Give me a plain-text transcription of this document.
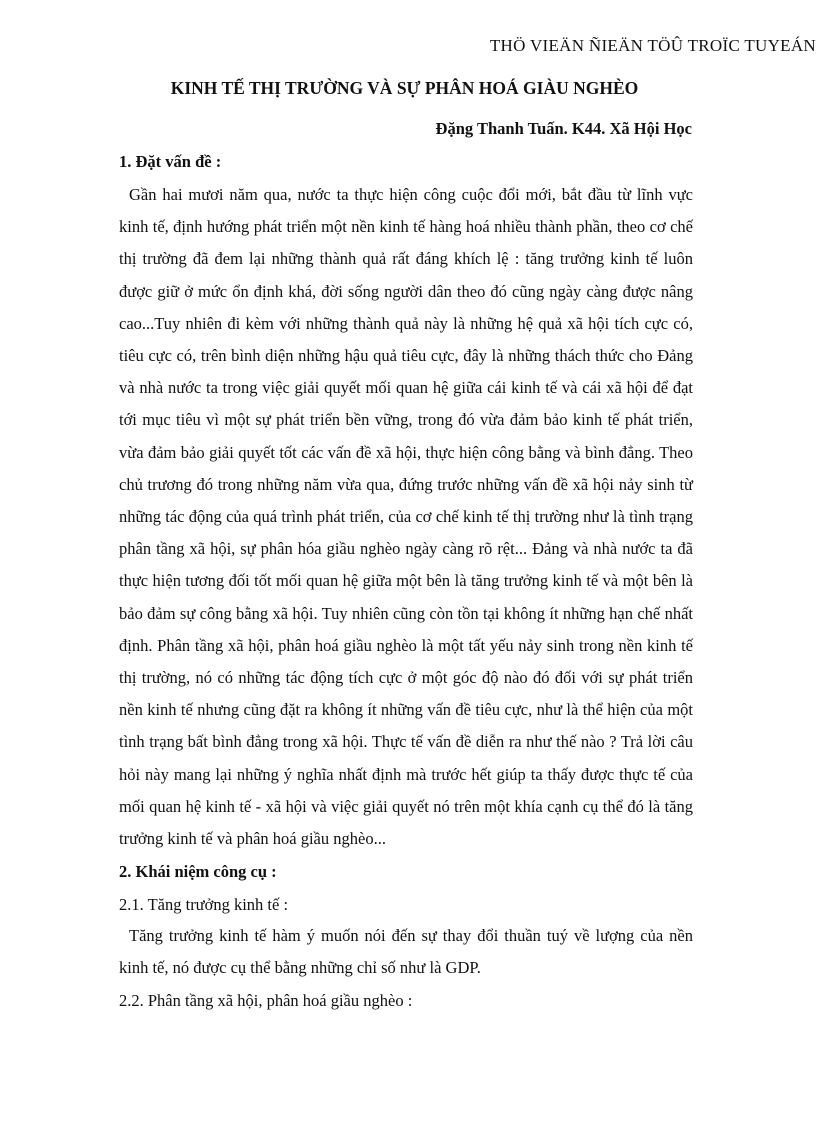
THÖ VIEÄN ÑIEÄN TÖÛ TROÏC TUYEÁN
KINH TẾ THỊ TRƯỜNG VÀ SỰ PHÂN HOÁ GIÀU NGHÈO
Đặng Thanh Tuấn. K44. Xã Hội Học

1. Đặt vấn đề :

Gần hai mươi năm qua, nước ta thực hiện công cuộc đổi mới, bắt đầu từ lĩnh vực kinh tế, định hướng phát triển một nền kinh tế hàng hoá nhiều thành phần, theo cơ chế thị trường đã đem lại những thành quả rất đáng khích lệ : tăng trưởng kinh tế luôn được giữ ở mức ổn định khá, đời sống người dân theo đó cũng ngày càng được nâng cao...Tuy nhiên đi kèm với những thành quả này là những hệ quả xã hội tích cực có, tiêu cực có, trên bình diện những hậu quả tiêu cực, đây là những thách thức cho Đảng và nhà nước ta trong việc giải quyết mối quan hệ giữa cái kinh tế và cái xã hội để đạt tới mục tiêu vì một sự phát triển bền vững, trong đó vừa đảm bảo kinh tế phát triển, vừa đảm bảo giải quyết tốt các vấn đề xã hội, thực hiện công bằng và bình đẳng. Theo chủ trương đó trong những năm vừa qua, đứng trước những vấn đề xã hội nảy sinh từ những tác động của quá trình phát triển, của cơ chế kinh tế thị trường như là tình trạng phân tầng xã hội, sự phân hóa giầu nghèo ngày càng rõ rệt... Đảng và nhà nước ta đã thực hiện tương đối tốt mối quan hệ giữa một bên là tăng trưởng kinh tế và một bên là bảo đảm sự công bằng xã hội. Tuy nhiên cũng còn tồn tại không ít những hạn chế nhất định. Phân tầng xã hội, phân hoá giầu nghèo là một tất yếu nảy sinh trong nền kinh tế thị trường, nó có những tác động tích cực ở một góc độ nào đó đối với sự phát triển nền kinh tế nhưng cũng đặt ra không ít những vấn đề tiêu cực, như là thể hiện của một tình trạng bất bình đẳng trong xã hội. Thực tế vấn đề diễn ra như thế nào ? Trả lời câu hỏi này mang lại những ý nghĩa nhất định mà trước hết giúp ta thấy được thực tế của mối quan hệ kinh tế - xã hội và việc giải quyết nó trên một khía cạnh cụ thể đó là tăng trưởng kinh tế và phân hoá giầu nghèo...

2. Khái niệm công cụ :

2.1. Tăng trưởng kinh tế :

Tăng trưởng kinh tế hàm ý muốn nói đến sự thay đổi thuần tuý về lượng của nền kinh tế, nó được cụ thể bằng những chỉ số như là GDP.

2.2. Phân tầng xã hội, phân hoá giầu nghèo :
